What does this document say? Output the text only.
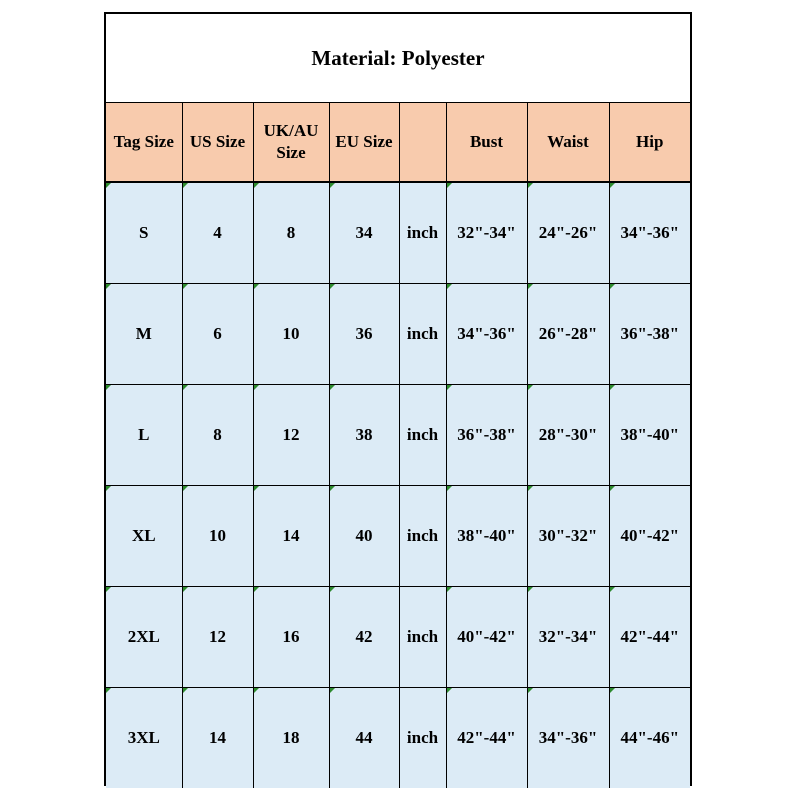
Material: Polyester
Tag Size	US Size	UK/AU Size	EU Size		Bust	Waist	Hip
S	4	8	34	inch	32"-34"	24"-26"	34"-36"
M	6	10	36	inch	34"-36"	26"-28"	36"-38"
L	8	12	38	inch	36"-38"	28"-30"	38"-40"
XL	10	14	40	inch	38"-40"	30"-32"	40"-42"
2XL	12	16	42	inch	40"-42"	32"-34"	42"-44"
3XL	14	18	44	inch	42"-44"	34"-36"	44"-46"
